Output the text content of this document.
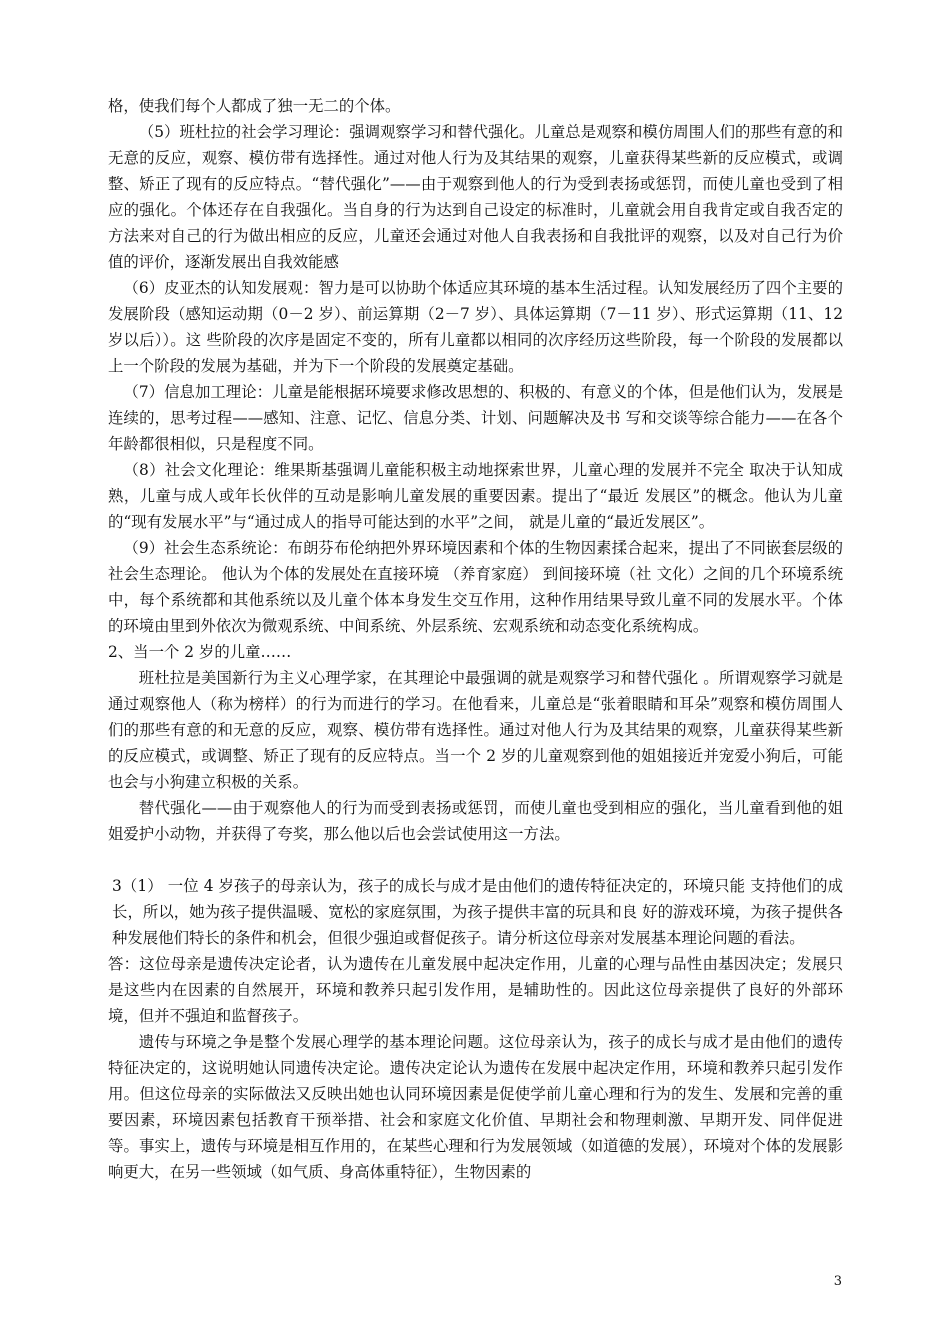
格，使我们每个人都成了独一无二的个体。

（5）班杜拉的社会学习理论：强调观察学习和替代强化。儿童总是观察和模仿周围人们的那些有意的和无意的反应，观察、模仿带有选择性。通过对他人行为及其结果的观察，儿童获得某些新的反应模式，或调整、矫正了现有的反应特点。“替代强化”——由于观察到他人的行为受到表扬或惩罚，而使儿童也受到了相应的强化。个体还存在自我强化。当自身的行为达到自己设定的标准时，儿童就会用自我肯定或自我否定的方法来对自己的行为做出相应的反应，儿童还会通过对他人自我表扬和自我批评的观察，以及对自己行为价值的评价，逐渐发展出自我效能感

（6）皮亚杰的认知发展观：智力是可以协助个体适应其环境的基本生活过程。认知发展经历了四个主要的发展阶段（感知运动期（0－2 岁）、前运算期（2－7 岁）、具体运算期（7－11 岁）、形式运算期（11、12 岁以后））。这 些阶段的次序是固定不变的，所有儿童都以相同的次序经历这些阶段，每一个阶段的发展都以上一个阶段的发展为基础，并为下一个阶段的发展奠定基础。

（7）信息加工理论：儿童是能根据环境要求修改思想的、积极的、有意义的个体，但是他们认为，发展是连续的，思考过程——感知、注意、记忆、信息分类、计划、问题解决及书 写和交谈等综合能力——在各个年龄都很相似，只是程度不同。

（8）社会文化理论：维果斯基强调儿童能积极主动地探索世界，儿童心理的发展并不完全 取决于认知成熟，儿童与成人或年长伙伴的互动是影响儿童发展的重要因素。提出了“最近 发展区”的概念。他认为儿童的“现有发展水平”与“通过成人的指导可能达到的水平”之间， 就是儿童的“最近发展区”。

（9）社会生态系统论：布朗芬布伦纳把外界环境因素和个体的生物因素揉合起来，提出了不同嵌套层级的社会生态理论。 他认为个体的发展处在直接环境 （养育家庭） 到间接环境（社 文化）之间的几个环境系统中，每个系统都和其他系统以及儿童个体本身发生交互作用，这种作用结果导致儿童不同的发展水平。个体的环境由里到外依次为微观系统、中间系统、外层系统、宏观系统和动态变化系统构成。

2、当一个 2 岁的儿童……

班杜拉是美国新行为主义心理学家，在其理论中最强调的就是观察学习和替代强化 。所谓观察学习就是通过观察他人（称为榜样）的行为而进行的学习。在他看来，儿童总是“张着眼睛和耳朵”观察和模仿周围人们的那些有意的和无意的反应，观察、模仿带有选择性。通过对他人行为及其结果的观察，儿童获得某些新的反应模式，或调整、矫正了现有的反应特点。当一个 2 岁的儿童观察到他的姐姐接近并宠爱小狗后，可能也会与小狗建立积极的关系。

替代强化——由于观察他人的行为而受到表扬或惩罚，而使儿童也受到相应的强化，当儿童看到他的姐姐爱护小动物，并获得了夸奖，那么他以后也会尝试使用这一方法。

3（1） 一位 4 岁孩子的母亲认为，孩子的成长与成才是由他们的遗传特征决定的，环境只能 支持他们的成长，所以，她为孩子提供温暖、宽松的家庭氛围，为孩子提供丰富的玩具和良 好的游戏环境，为孩子提供各种发展他们特长的条件和机会，但很少强迫或督促孩子。请分析这位母亲对发展基本理论问题的看法。

答：这位母亲是遗传决定论者，认为遗传在儿童发展中起决定作用，儿童的心理与品性由基因决定；发展只是这些内在因素的自然展开，环境和教养只起引发作用，是辅助性的。因此这位母亲提供了良好的外部环境，但并不强迫和监督孩子。

遗传与环境之争是整个发展心理学的基本理论问题。这位母亲认为，孩子的成长与成才是由他们的遗传特征决定的，这说明她认同遗传决定论。遗传决定论认为遗传在发展中起决定作用，环境和教养只起引发作用。但这位母亲的实际做法又反映出她也认同环境因素是促使学前儿童心理和行为的发生、发展和完善的重要因素，环境因素包括教育干预举措、社会和家庭文化价值、早期社会和物理刺激、早期开发、同伴促进等。事实上，遗传与环境是相互作用的，在某些心理和行为发展领域（如道德的发展），环境对个体的发展影响更大，在另一些领域（如气质、身高体重特征），生物因素的

3
